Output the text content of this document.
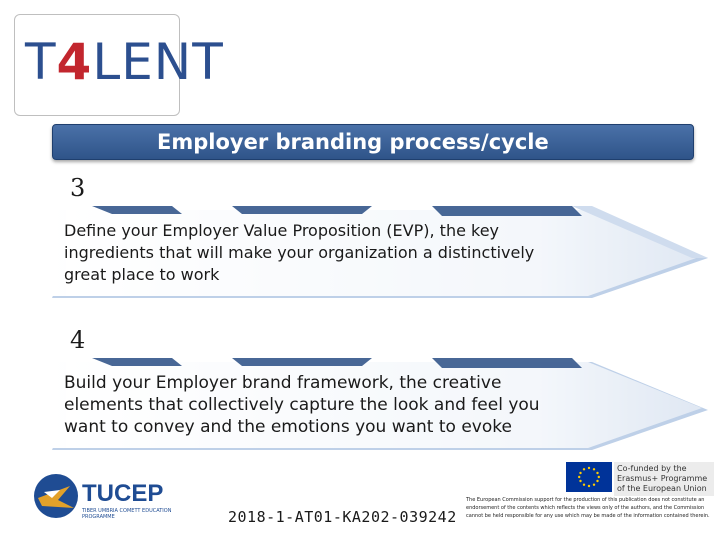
T4LENT
Employer branding process/cycle
3
Define your Employer Value Proposition (EVP), the key ingredients that will make your organization a distinctively great place to work
4
Build your Employer brand framework, the creative elements that collectively capture the look and feel you want to convey and the emotions you want to evoke
TUCEP
TIBER UMBRIA COMETT EDUCATION PROGRAMME	2018-1-AT01-KA202-039242
Co-funded by the Erasmus+ Programme of the European Union
The European Commission support for the production of this publication does not constitute an endorsement of the contents which reflects the views only of the authors, and the Commission cannot be held responsible for any use which may be made of the information contained therein.
